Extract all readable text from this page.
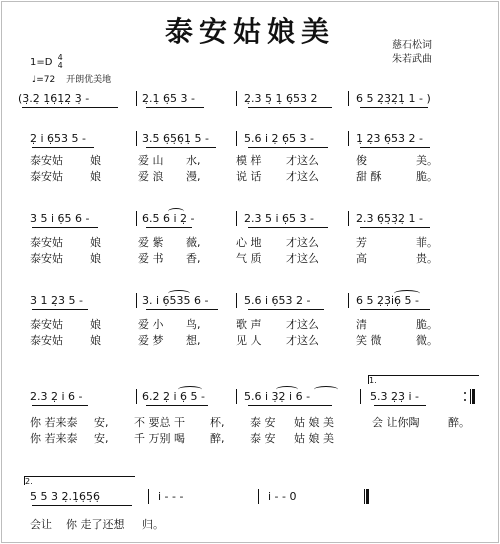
泰安姑娘美
1=D 4
4
♩=72 开朗优美地
慈石松词
朱若武曲
(3̣.2̣ 1̣6̣1̣2̣ 3̣ -	2̣.1̣ 6̣5 3 -	2̣.3 5̣ 1̣ 6̣53 2	6 5 2̣3̣2̣1̣ 1 - )
2̣ i 6̣53 5 -	3.5 6̣5̣6̣1̣ 5 -	5.6 i 2̣ 6̣5 3 -	1̣ 2̣3 6̣53 2 -
泰安姑 娘	爱 山 水,	模 样 才这么	俊	美。
泰安姑 娘	爱 浪 漫,	说 话 才这么	甜 酥	脆。
3 5 i 6̣5 6 -	6.5 6 i 2̣ -	2.3 5 i 6̣5 3 -	2.3 6̣5̣3̣2̣ 1 -
泰安姑 娘	爱 紫 薇,	心 地 才这么	芳	菲。
泰安姑 娘	爱 书 香,	气 质 才这么	高	贵。
3 1 2̣3 5 -	3. i 6̣535 6 -	5.6 i 6̣53 2 -	6 5 2̣3̣i̇6̣ 5 -
泰安姑 娘	爱 小 鸟,	歌 声 才这么	清	脆。
泰安姑 娘	爱 梦 想,	见 人 才这么	笑 微	微。
1.
2.3 2̣ i 6 -	6.2 2̣ i 6̣ 5 -	5.6 i 3̣2̣ i 6 -	5.3 2̣3̣ i -
你 若来泰 安, 不 要总 干 杯, 泰 安 姑 娘 美	会 让你陶	醉。
你 若来泰 安, 千 万别 喝 醉, 泰 安 姑 娘 美
2.
5 5 3 2̣.1̣6̣5̣6̣	i - - -	i - - 0
会让 你 走了还想 归。
